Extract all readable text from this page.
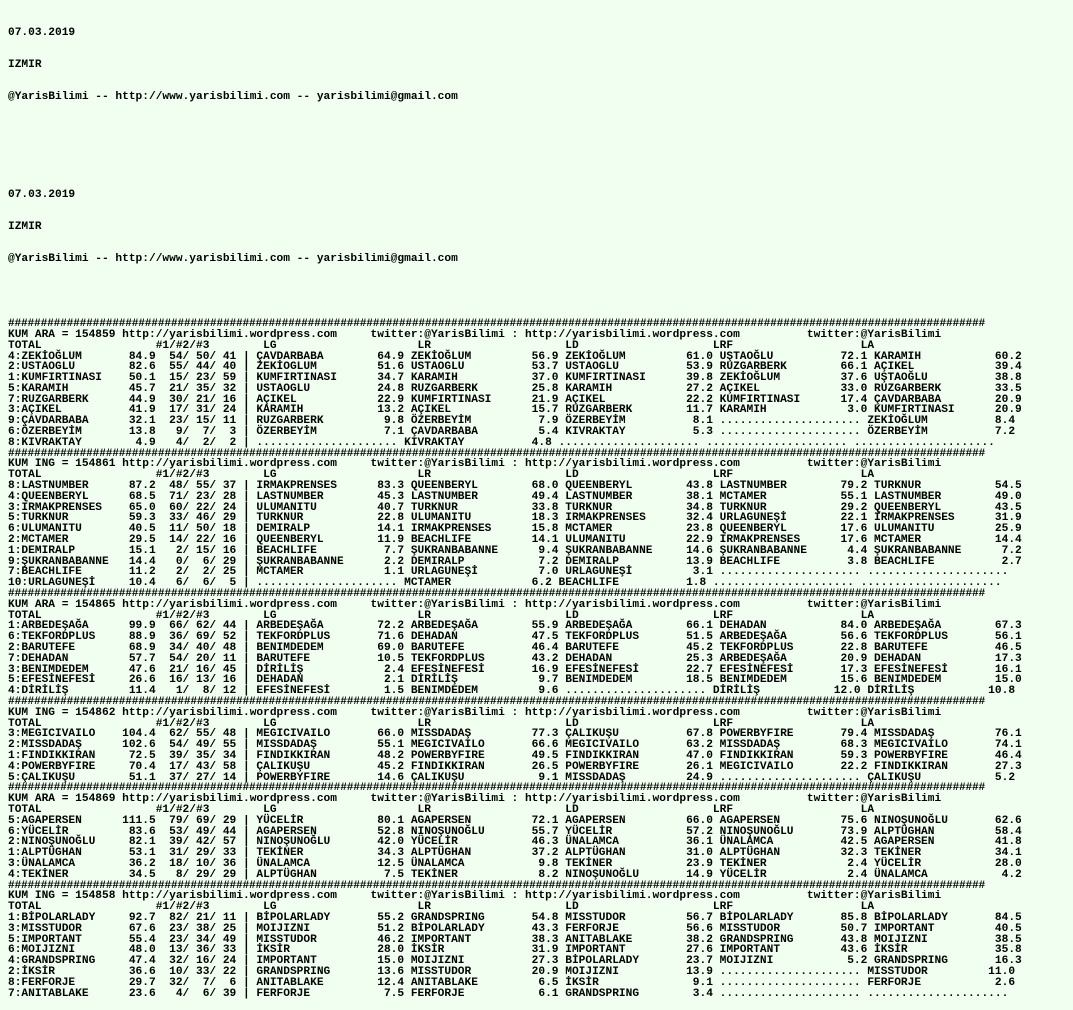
07.03.2019

IZMIR

@YarisBilimi -- http://www.yarisbilimi.com -- yarisbilimi@gmail.com

07.03.2019

IZMIR

@YarisBilimi -- http://www.yarisbilimi.com -- yarisbilimi@gmail.com

######################################################################################################################################################
KUM ARA = 154859 http://yarisbilimi.wordpress.com     twitter:@YarisBilimi : http://yarisbilimi.wordpress.com          twitter:@YarisBilimi
TOTAL                 #1/#2/#3        LG                     LR                    LD                    LRF                   LA
4:ZEKİOĞLUM       84.9  54/ 50/ 41 | ÇAVDARBABA        64.9 ZEKİOĞLUM         56.9 ZEKİOĞLUM         61.0 UŞTAOĞLU          72.1 KARAMIH           60.2
2:USTAOGLU        82.6  55/ 44/ 40 | ZEKİOGLUM         51.6 USTAOGLU          53.7 USTAOGLU          53.9 RUZGARBERK        66.1 AÇIKEL            39.4
1:KUMFIRTINASI    50.1  15/ 23/ 59 | KUMFIRTINASI      34.7 KARAMIH           37.0 KUMFIRTINASI      39.8 ZEKİOĞLUM         37.6 UŞTAOĞLU          38.8
5:KARAMIH         45.7  21/ 35/ 32 | USTAOGLU          24.8 RUZGARBERK        25.8 KARAMIH           27.2 AÇIKEL            33.0 RUZGARBERK        33.5
7:RUZGARBERK      44.9  30/ 21/ 16 | AÇIKEL            22.9 KUMFIRTINASI      21.9 AÇIKEL            22.2 KUMFIRTINASI      17.4 ÇAVDARBABA        20.9
3:AÇIKEL          41.9  17/ 31/ 24 | KARAMIH           13.2 AÇIKEL            15.7 RUZGARBERK        11.7 KARAMIH            3.0 KUMFIRTINASI      20.9
9:ÇAVDARBABA      32.1  23/ 15/ 11 | RUZGARBERK         9.8 ÖZERBEYİM          7.9 ÖZERBEYİM          8.1 ..................... ZEKİOĞLUM          8.4
6:ÖZERBEYİM       13.8   9/  7/  3 | ÖZERBEYİM          7.1 ÇAVDARBABA         5.4 KIVRAKTAY          5.3 ..................... ÖZERBEYİM          7.2
8:KIVRAKTAY        4.9   4/  2/  2 | ..................... KIVRAKTAY          4.8 ..................... ..................... .....................
######################################################################################################################################################
KUM ING = 154861 http://yarisbilimi.wordpress.com     twitter:@YarisBilimi : http://yarisbilimi.wordpress.com          twitter:@YarisBilimi
TOTAL                 #1/#2/#3        LG                     LR                    LD                    LRF                   LA
8:LASTNUMBER      87.2  48/ 55/ 37 | IRMAKPRENSES      83.3 QUEENBERYL        68.0 QUEENBERYL        43.8 LASTNUMBER        79.2 TURKNUR           54.5
4:QUEENBERYL      68.5  71/ 23/ 28 | LASTNUMBER        45.3 LASTNUMBER        49.4 LASTNUMBER        38.1 MCTAMER           55.1 LASTNUMBER        49.0
3:IRMAKPRENSES    65.0  60/ 22/ 24 | ULUMANITU         40.7 TURKNUR           33.8 TURKNUR           34.8 TURKNUR           29.2 QUEENBERYL        43.5
5:TURKNUR         59.3  33/ 46/ 29 | TURKNUR           22.8 ULUMANITU         18.3 IRMAKPRENSES      32.4 URLAGUNEŞİ        22.1 IRMAKPRENSES      31.9
6:ULUMANITU       40.5  11/ 50/ 18 | DEMIRALP          14.1 IRMAKPRENSES      15.8 MCTAMER           23.8 QUEENBERYL        17.6 ULUMANITU         25.9
2:MCTAMER         29.5  14/ 22/ 16 | QUEENBERYL        11.9 BEACHLIFE         14.1 ULUMANITU         22.9 IRMAKPRENSES      17.6 MCTAMER           14.4
1:DEMIRALP        15.1   2/ 15/ 16 | BEACHLIFE          7.7 ŞUKRANBABANNE      9.4 ŞUKRANBABANNE     14.6 ŞUKRANBABANNE      4.4 ŞUKRANBABANNE      7.2
9:ŞUKRANBABANNE   14.4   0/  6/ 29 | ŞUKRANBABANNE      2.2 DEMIRALP           7.2 DEMIRALP          13.9 BEACHLIFE          3.8 BEACHLIFE          2.7
7:BEACHLIFE       11.2   2/  2/ 25 | MCTAMER            1.1 URLAGUNEŞİ         7.0 URLAGUNEŞİ         3.1 ..................... .....................
10:URLAGUNEŞİ     10.4   6/  6/  5 | ..................... MCTAMER            6.2 BEACHLIFE          1.8 ..................... .....................
######################################################################################################################################################
KUM ARA = 154865 http://yarisbilimi.wordpress.com     twitter:@YarisBilimi : http://yarisbilimi.wordpress.com          twitter:@YarisBilimi
TOTAL                 #1/#2/#3        LG                     LR                    LD                    LRF                   LA
1:ARBEDEŞAĞA      99.9  66/ 62/ 44 | ARBEDEŞAĞA        72.2 ARBEDEŞAĞA        55.9 ARBEDEŞAĞA        66.1 DEHADAN           84.0 ARBEDEŞAĞA        67.3
6:TEKFORDPLUS     88.9  36/ 69/ 52 | TEKFORDPLUS       71.6 DEHADAN           47.5 TEKFORDPLUS       51.5 ARBEDEŞAĞA        56.6 TEKFORDPLUS       56.1
2:BARUTEFE        68.9  34/ 40/ 48 | BENIMDEDEM        69.0 BARUTEFE          46.4 BARUTEFE          45.2 TEKFORDPLUS       22.8 BARUTEFE          46.5
7:DEHADAN         57.7  54/ 20/ 11 | BARUTEFE          10.5 TEKFORDPLUS       43.2 DEHADAN           25.3 ARBEDEŞAĞA        20.9 DEHADAN           17.3
3:BENIMDEDEM      47.6  21/ 16/ 45 | DİRİLİŞ            2.4 EFESİNEFESİ       16.9 EFESİNEFESİ       22.7 EFESİNEFESİ       17.3 EFESİNEFESİ       16.1
5:EFESİNEFESİ     26.6  16/ 13/ 16 | DEHADAN            2.1 DİRİLİŞ            9.7 BENIMDEDEM        18.5 BENIMDEDEM        15.6 BENIMDEDEM        15.0
4:DİRİLİŞ         11.4   1/  8/ 12 | EFESİNEFESİ        1.5 BENIMDEDEM         9.6 ..................... DİRİLİŞ           12.0 DİRİLİŞ           10.8
######################################################################################################################################################
KUM ING = 154862 http://yarisbilimi.wordpress.com     twitter:@YarisBilimi : http://yarisbilimi.wordpress.com          twitter:@YarisBilimi
TOTAL                 #1/#2/#3        LG                     LR                    LD                    LRF                   LA
3:MEGICIVAILO    104.4  62/ 55/ 48 | MEGICIVAILO       66.0 MISSDADAŞ         77.3 ÇALIKUŞU          67.8 POWERBYFIRE       79.4 MISSDADAŞ         76.1
2:MISSDADAŞ      102.6  54/ 49/ 55 | MISSDADAŞ         55.1 MEGICIVAILO       66.6 MEGICIVAILO       63.2 MISSDADAŞ         68.3 MEGICIVAILO       74.1
1:FINDIKKIRAN     72.5  39/ 35/ 34 | FINDIKKIRAN       48.2 POWERBYFIRE       49.5 FINDIKKIRAN       47.0 FINDIKKIRAN       59.3 POWERBYFIRE       46.4
4:POWERBYFIRE     70.4  17/ 43/ 58 | ÇALIKUŞU          45.2 FINDIKKIRAN       26.5 POWERBYFIRE       26.1 MEGICIVAILO       22.2 FINDIKKIRAN       27.3
5:ÇALIKUŞU        51.1  37/ 27/ 14 | POWERBYFIRE       14.6 ÇALIKUŞU           9.1 MISSDADAŞ         24.9 ..................... ÇALIKUŞU           5.2
######################################################################################################################################################
KUM ARA = 154869 http://yarisbilimi.wordpress.com     twitter:@YarisBilimi : http://yarisbilimi.wordpress.com          twitter:@YarisBilimi
TOTAL                 #1/#2/#3        LG                     LR                    LD                    LRF                   LA
5:AGAPERSEN      111.5  79/ 69/ 29 | YÜCELİR           80.1 AGAPERSEN         72.1 AGAPERSEN         66.0 AGAPERSEN         75.6 NINOŞUNOĞLU       62.6
6:YÜCELİR         83.6  53/ 49/ 44 | AGAPERSEN         52.8 NINOŞUNOĞLU       55.7 YÜCELİR           57.2 NINOŞUNOĞLU       73.9 ALPTÜGHAN         58.4
2:NINOŞUNOĞLU     82.1  39/ 42/ 57 | NINOŞUNOĞLU       42.0 YÜCELİR           46.3 ÜNALAMCA          36.1 ÜNALAMCA          42.5 AGAPERSEN         41.8
1:ALPTÜGHAN       53.1  31/ 29/ 33 | TEKİNER           34.3 ALPTÜGHAN         37.2 ALPTÜGHAN         31.0 ALPTÜGHAN         32.3 TEKİNER           34.1
3:ÜNALAMCA        36.2  18/ 10/ 36 | ÜNALAMCA          12.5 ÜNALAMCA           9.8 TEKİNER           23.9 TEKİNER            2.4 YÜCELİR           28.0
4:TEKİNER         34.5   8/ 29/ 29 | ALPTÜGHAN          7.5 TEKİNER            8.2 NINOŞUNOĞLU       14.9 YÜCELİR            2.4 ÜNALAMCA           4.2
######################################################################################################################################################
KUM ING = 154858 http://yarisbilimi.wordpress.com     twitter:@YarisBilimi : http://yarisbilimi.wordpress.com          twitter:@YarisBilimi
TOTAL                 #1/#2/#3        LG                     LR                    LD                    LRF                   LA
1:BİPOLARLADY     92.7  82/ 21/ 11 | BİPOLARLADY       55.2 GRANDSPRING       54.8 MISSTUDOR         56.7 BİPOLARLADY       85.8 BİPOLARLADY       84.5
3:MISSTUDOR       67.6  23/ 38/ 25 | MOIJIZNI          51.2 BİPOLARLADY       43.3 FERFORJE          56.6 MISSTUDOR         50.7 IMPORTANT         40.5
5:IMPORTANT       55.4  23/ 34/ 49 | MISSTUDOR         46.2 IMPORTANT         38.3 ANITABLAKE        38.2 GRANDSPRING       43.8 MOIJIZNI          38.5
6:MOIJIZNI        48.0  13/ 36/ 33 | İKSİR             28.0 İKSİR             31.9 IMPORTANT         27.6 IMPORTANT         43.6 İKSİR             35.8
4:GRANDSPRING     47.4  32/ 16/ 24 | IMPORTANT         15.0 MOIJIZNI          27.3 BİPOLARLADY       23.7 MOIJIZNI           5.2 GRANDSPRING       16.3
2:İKSİR           36.6  10/ 33/ 22 | GRANDSPRING       13.6 MISSTUDOR         20.9 MOIJIZNI          13.9 ..................... MISSTUDOR         11.0
8:FERFORJE        29.7  32/  7/  6 | ANITABLAKE        12.4 ANITABLAKE         6.5 İKSİR              9.1 ..................... FERFORJE           2.6
7:ANITABLAKE      23.6   4/  6/ 39 | FERFORJE           7.5 FERFORJE           6.1 GRANDSPRING        3.4 ..................... .....................
